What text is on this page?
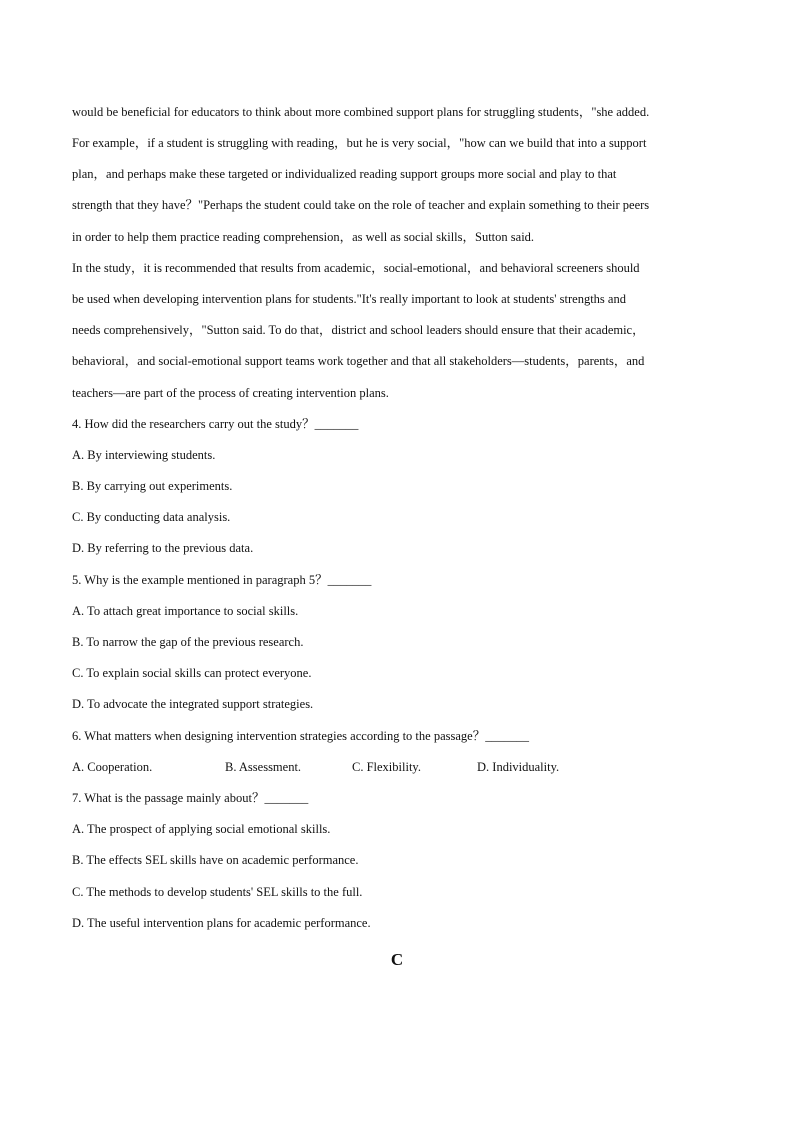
would be beneficial for educators to think about more combined support plans for struggling students，"she added.
For example，if a student is struggling with reading，but he is very social，"how can we build that into a support
plan，and perhaps make these targeted or individualized reading support groups more social and play to that
strength that they have？"Perhaps the student could take on the role of teacher and explain something to their peers
in order to help them practice reading comprehension，as well as social skills，Sutton said.
In the study，it is recommended that results from academic，social-emotional，and behavioral screeners should
be used when developing intervention plans for students."It's really important to look at students' strengths and
needs comprehensively，"Sutton said. To do that，district and school leaders should ensure that their academic，
behavioral，and social-emotional support teams work together and that all stakeholders—students，parents，and
teachers—are part of the process of creating intervention plans.
4. How did the researchers carry out the study？_______
A. By interviewing students.
B. By carrying out experiments.
C. By conducting data analysis.
D. By referring to the previous data.
5. Why is the example mentioned in paragraph 5？_______
A. To attach great importance to social skills.
B. To narrow the gap of the previous research.
C. To explain social skills can protect everyone.
D. To advocate the integrated support strategies.
6. What matters when designing intervention strategies according to the passage？_______
A. Cooperation.	B. Assessment.	C. Flexibility.	D. Individuality.
7. What is the passage mainly about？_______
A. The prospect of applying social emotional skills.
B. The effects SEL skills have on academic performance.
C. The methods to develop students' SEL skills to the full.
D. The useful intervention plans for academic performance.
C
